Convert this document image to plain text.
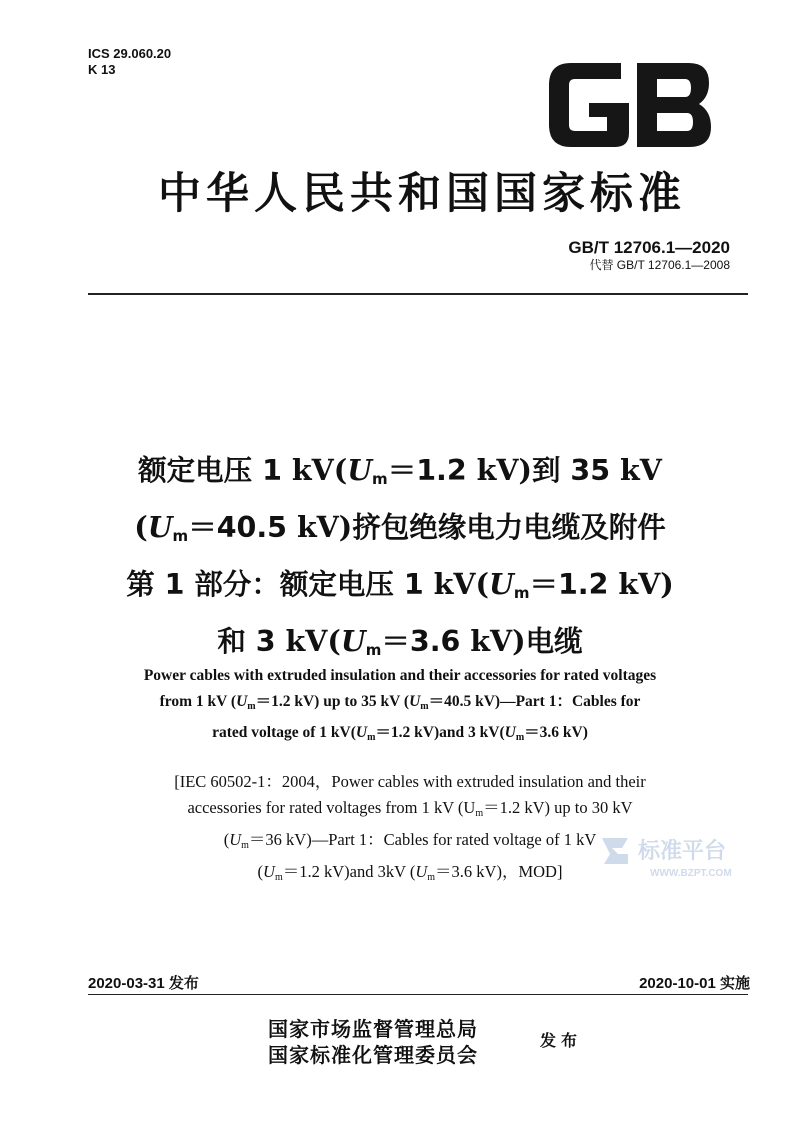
ICS 29.060.20
K 13
中华人民共和国国家标准
GB/T 12706.1—2020
代替 GB/T 12706.1—2008
额定电压 1 $kV(U_m=1.2$ kV)到 35 kV
($U_m=40.5$ kV)挤包绝缘电力电缆及附件
第 1 部分：额定电压 1 $kV(U_m=1.2$ kV)
和 3 $kV(U_m=3.6$ kV)电缆
Power cables with extruded insulation and their accessories for rated voltages
from 1 kV ($U_m=1.2$ kV) up to 35 kV ($U_m=40.5$ kV)—Part 1：Cables for
rated voltage of 1 $kV(U_m=1.2$ kV)and 3 $kV(U_m=3.6$ kV)
[IEC 60502-1：2004，Power cables with extruded insulation and their
accessories for rated voltages from 1 kV ($U_m=1.2$ kV) up to 30 kV
($U_m=36$ kV)—Part 1：Cables for rated voltage of 1 kV
($U_m=1.2$ kV)and 3kV ($U_m=3.6$ kV)，MOD]
标准平台
WWW.BZPT.COM
2020-03-31 发布	2020-10-01 实施
国家市场监督管理总局
国家标准化管理委员会
发布
